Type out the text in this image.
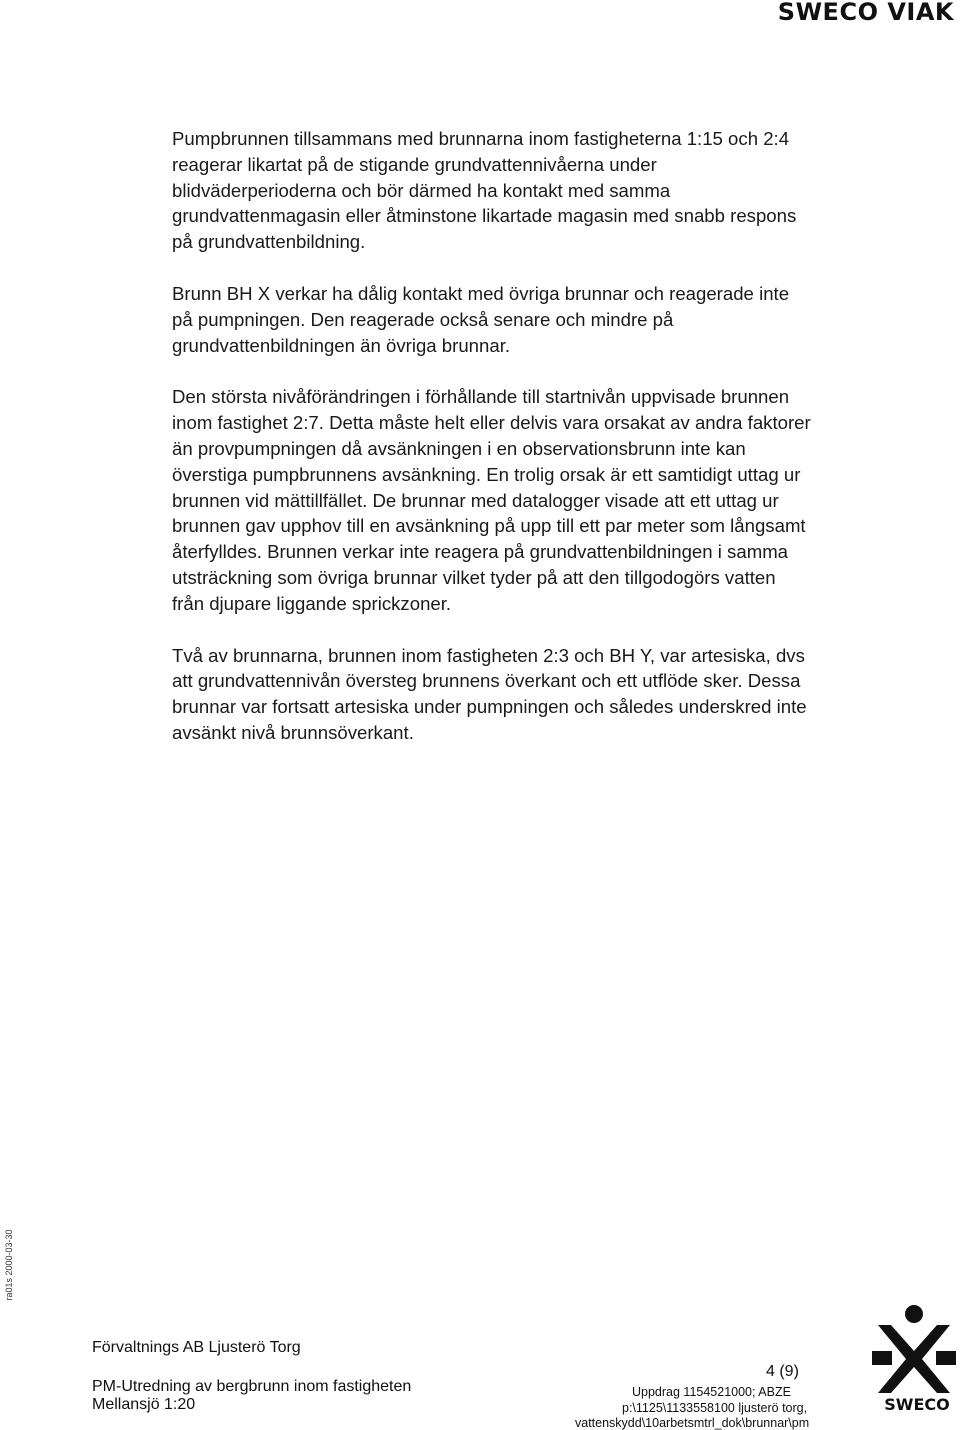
SWECO VIAK

Pumpbrunnen tillsammans med brunnarna inom fastigheterna 1:15 och 2:4 reagerar likartat på de stigande grundvattennivåerna under blidväderperioderna och bör därmed ha kontakt med samma grundvattenmagasin eller åtminstone likartade magasin med snabb respons på grundvattenbildning.

Brunn BH X verkar ha dålig kontakt med övriga brunnar och reagerade inte på pumpningen. Den reagerade också senare och mindre på grundvattenbildningen än övriga brunnar.

Den största nivåförändringen i förhållande till startnivån uppvisade brunnen inom fastighet 2:7. Detta måste helt eller delvis vara orsakat av andra faktorer än provpumpningen då avsänkningen i en observationsbrunn inte kan överstiga pumpbrunnens avsänkning. En trolig orsak är ett samtidigt uttag ur brunnen vid mättillfället. De brunnar med datalogger visade att ett uttag ur brunnen gav upphov till en avsänkning på upp till ett par meter som långsamt återfylldes. Brunnen verkar inte reagera på grundvattenbildningen i samma utsträckning som övriga brunnar vilket tyder på att den tillgodogörs vatten från djupare liggande sprickzoner.

Två av brunnarna, brunnen inom fastigheten 2:3 och BH Y, var artesiska, dvs att grundvattennivån översteg brunnens överkant och ett utflöde sker. Dessa brunnar var fortsatt artesiska under pumpningen och således underskred inte avsänkt nivå brunnsöverkant.

ra01s 2000-03-30
Förvaltnings AB Ljusterö Torg
PM-Utredning av bergbrunn inom fastigheten
Mellansjö 1:20
4 (9)
Uppdrag 1154521000; ABZE
p:\1125\1133558100 ljusterö torg,
vattenskydd\10arbetsmtrl_dok\brunnar\pm
SWECO
